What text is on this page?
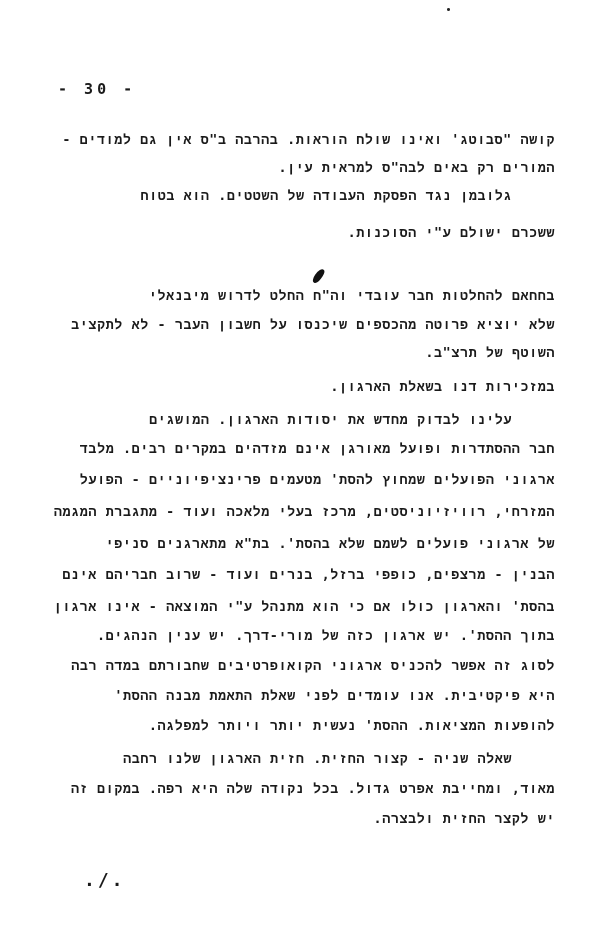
- 30 -
קושה "סבוטג' ואינו שולח הוראות. בהרבה ב"ס אין גם למודים -
המורים רק באים לבה"ס למראית עין.
גלובמן נגד הפסקת העבודה של השטטים. הוא בטוח
ששכרם ישולם ע"י הסוכנות.
בחחאם להחלטות חבר עובדי וה"ח החלט לדרוש מיבנאלי
שלא יוציא פרוטה מהכספים שיכנסו על חשבון העבר - לא לתקציב
השוטף של תרצ"ב.
במזכירות דנו בשאלת הארגון.
עלינו לבדוק מחדש את יסודות הארגון. המושגים
חבר ההסתדרות ופועל מאורגן אינם מזדהים במקרים רבים. מלבד
ארגוני הפועלים שמחוץ להסת' מטעמים פרינציפיוניים - הפועל
המזרחי, רוויזיוניסטים, מרכז בעלי מלאכה ועוד - מתגברת המגמה
של ארגוני פועלים לשמם שלא בהסת'. בת"א מתארגנים סניפי
הבנין - מרצפים, כופפי ברזל, בנרים ועוד - שרוב חבריהם אינם
בהסת' והארגון כולו אם כי הוא מתנהל ע"י המוצאה - אינו ארגון
בתוך ההסת'. יש ארגון כזה של מורי-דרך. יש ענין הנהגים.
לסוג זה אפשר להכניס ארגוני הקואופרטיבים שחבורתם במדה רבה
היא פיקטיבית. אנו עומדים לפני שאלת התאמת מבנה ההסת'
להופעות המציאות. ההסת' נעשית יותר ויותר למפלגה.
שאלה שניה - קצור החזית. חזית הארגון שלנו רחבה
מאוד, ומחייבת אפרט גדול. בכל נקודה שלה היא רפה. במקום זה
יש לקצר החזית ולבצרה.
./.
